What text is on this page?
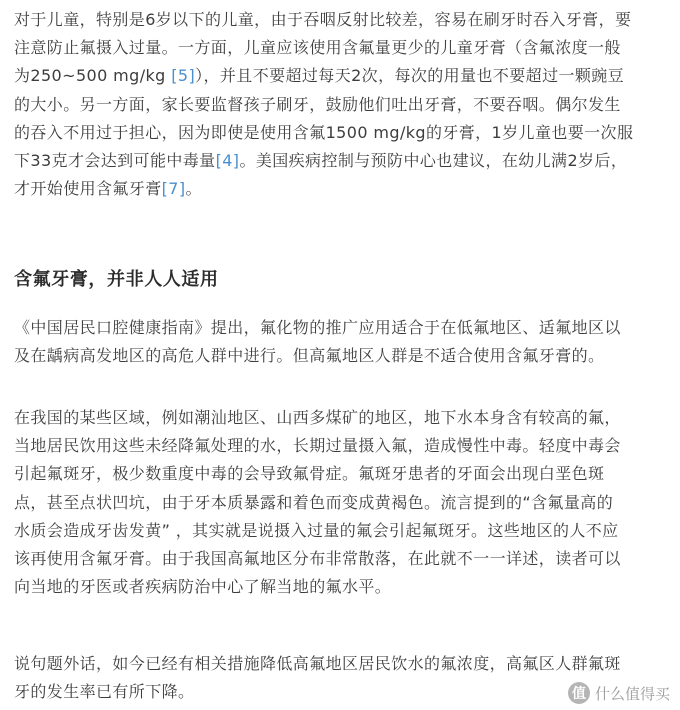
对于儿童，特别是6岁以下的儿童，由于吞咽反射比较差，容易在刷牙时吞入牙膏，要
注意防止氟摄入过量。一方面，儿童应该使用含氟量更少的儿童牙膏（含氟浓度一般
为250~500 mg/kg [5]），并且不要超过每天2次，每次的用量也不要超过一颗豌豆
的大小。另一方面，家长要监督孩子刷牙，鼓励他们吐出牙膏，不要吞咽。偶尔发生
的吞入不用过于担心，因为即使是使用含氟1500 mg/kg的牙膏，1岁儿童也要一次服
下33克才会达到可能中毒量[4]。美国疾病控制与预防中心也建议，在幼儿满2岁后，
才开始使用含氟牙膏[7]。
含氟牙膏，并非人人适用
《中国居民口腔健康指南》提出，氟化物的推广应用适合于在低氟地区、适氟地区以
及在龋病高发地区的高危人群中进行。但高氟地区人群是不适合使用含氟牙膏的。
在我国的某些区域，例如潮汕地区、山西多煤矿的地区，地下水本身含有较高的氟，
当地居民饮用这些未经降氟处理的水，长期过量摄入氟，造成慢性中毒。轻度中毒会
引起氟斑牙，极少数重度中毒的会导致氟骨症。氟斑牙患者的牙面会出现白垩色斑
点，甚至点状凹坑，由于牙本质暴露和着色而变成黄褐色。流言提到的“含氟量高的
水质会造成牙齿发黄” ，其实就是说摄入过量的氟会引起氟斑牙。这些地区的人不应
该再使用含氟牙膏。由于我国高氟地区分布非常散落，在此就不一一详述，读者可以
向当地的牙医或者疾病防治中心了解当地的氟水平。
说句题外话，如今已经有相关措施降低高氟地区居民饮水的氟浓度，高氟区人群氟斑
牙的发生率已有所下降。	值 什么值得买
